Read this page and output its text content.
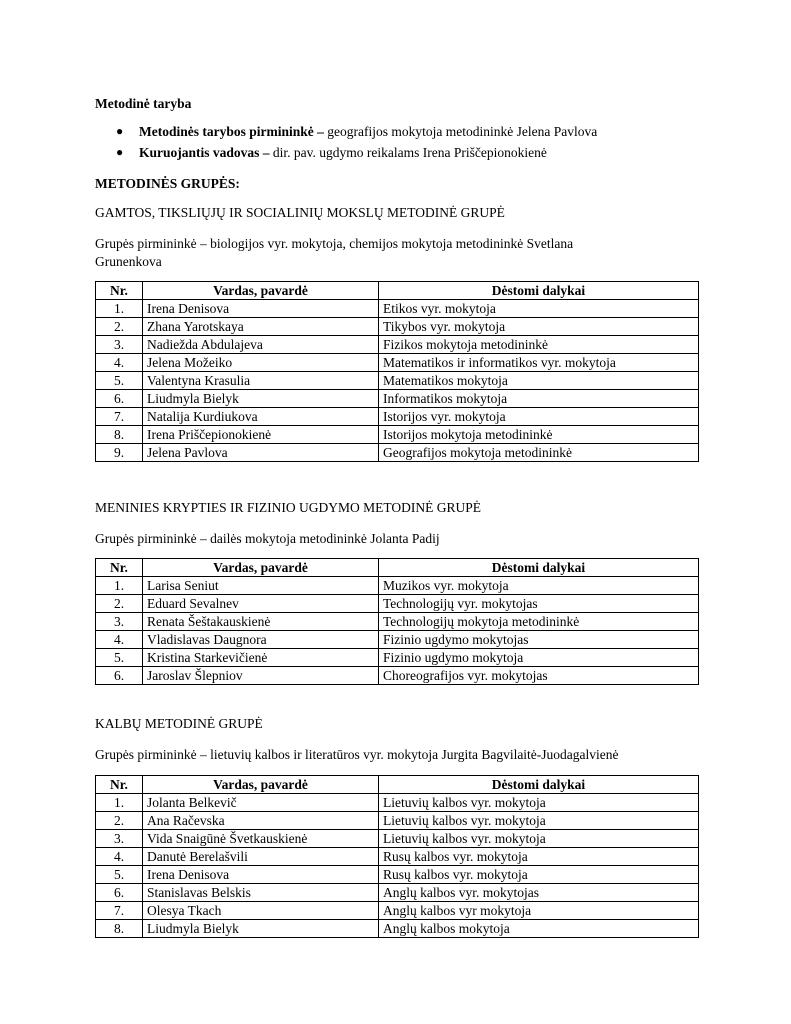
Metodinė taryba
● Metodinės tarybos pirmininkė – geografijos mokytoja metodininkė Jelena Pavlova
● Kuruojantis vadovas – dir. pav. ugdymo reikalams Irena Priščepionokienė
METODINĖS GRUPĖS:
GAMTOS, TIKSLIŲJŲ IR SOCIALINIŲ MOKSLŲ METODINĖ GRUPĖ
Grupės pirmininkė – biologijos vyr. mokytoja, chemijos mokytoja metodininkė Svetlana
Grunenkova
Nr.	Vardas, pavardė	Dėstomi dalykai
1.	Irena Denisova	Etikos vyr. mokytoja
2.	Zhana Yarotskaya	Tikybos vyr. mokytoja
3.	Nadiežda Abdulajeva	Fizikos mokytoja metodininkė
4.	Jelena Možeiko	Matematikos ir informatikos vyr. mokytoja
5.	Valentyna Krasulia	Matematikos mokytoja
6.	Liudmyla Bielyk	Informatikos mokytoja
7.	Natalija Kurdiukova	Istorijos vyr. mokytoja
8.	Irena Priščepionokienė	Istorijos mokytoja metodininkė
9.	Jelena Pavlova	Geografijos mokytoja metodininkė
MENINIES KRYPTIES IR FIZINIO UGDYMO METODINĖ GRUPĖ
Grupės pirmininkė – dailės mokytoja metodininkė Jolanta Padij
Nr.	Vardas, pavardė	Dėstomi dalykai
1.	Larisa Seniut	Muzikos vyr. mokytoja
2.	Eduard Sevalnev	Technologijų vyr. mokytojas
3.	Renata Šeštakauskienė	Technologijų mokytoja metodininkė
4.	Vladislavas Daugnora	Fizinio ugdymo mokytojas
5.	Kristina Starkevičienė	Fizinio ugdymo mokytoja
6.	Jaroslav Šlepniov	Choreografijos vyr. mokytojas
KALBŲ METODINĖ GRUPĖ
Grupės pirmininkė – lietuvių kalbos ir literatūros vyr. mokytoja Jurgita Bagvilaitė-Juodagalvienė
Nr.	Vardas, pavardė	Dėstomi dalykai
1.	Jolanta Belkevič	Lietuvių kalbos vyr. mokytoja
2.	Ana Račevska	Lietuvių kalbos vyr. mokytoja
3.	Vida Snaigūnė Švetkauskienė	Lietuvių kalbos vyr. mokytoja
4.	Danutė Berelašvili	Rusų kalbos vyr. mokytoja
5.	Irena Denisova	Rusų kalbos vyr. mokytoja
6.	Stanislavas Belskis	Anglų kalbos vyr. mokytojas
7.	Olesya Tkach	Anglų kalbos vyr mokytoja
8.	Liudmyla Bielyk	Anglų kalbos mokytoja
